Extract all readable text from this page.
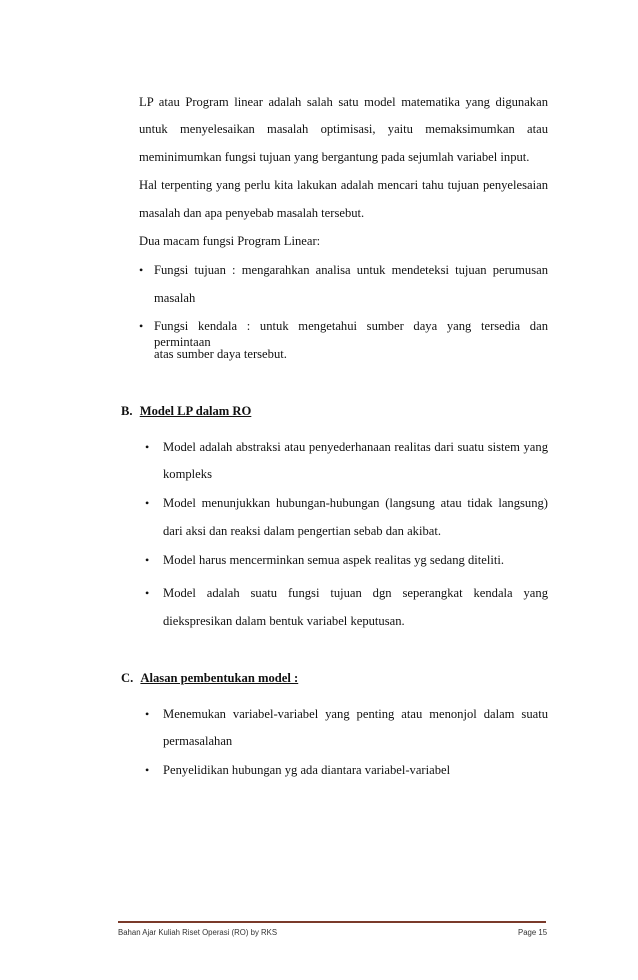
LP atau Program linear adalah salah satu model matematika yang digunakan
untuk menyelesaikan masalah optimisasi, yaitu memaksimumkan atau
meminimumkan fungsi tujuan yang bergantung pada sejumlah variabel input.
Hal terpenting yang perlu kita lakukan adalah mencari tahu tujuan penyelesaian
masalah dan apa penyebab masalah tersebut.
Dua macam fungsi Program Linear:
• Fungsi tujuan : mengarahkan analisa untuk mendeteksi tujuan perumusan
masalah
• Fungsi kendala : untuk mengetahui sumber daya yang tersedia dan permintaan
atas sumber daya tersebut.
B. Model LP dalam RO
• Model adalah abstraksi atau penyederhanaan realitas dari suatu sistem yang
kompleks
• Model menunjukkan hubungan-hubungan (langsung atau tidak langsung)
dari aksi dan reaksi dalam pengertian sebab dan akibat.
• Model harus mencerminkan semua aspek realitas yg sedang diteliti.
• Model adalah suatu fungsi tujuan dgn seperangkat kendala yang
diekspresikan dalam bentuk variabel keputusan.
C. Alasan pembentukan model :
• Menemukan variabel-variabel yang penting atau menonjol dalam suatu
permasalahan
• Penyelidikan hubungan yg ada diantara variabel-variabel
Bahan Ajar Kuliah Riset Operasi (RO) by RKS	Page 15
